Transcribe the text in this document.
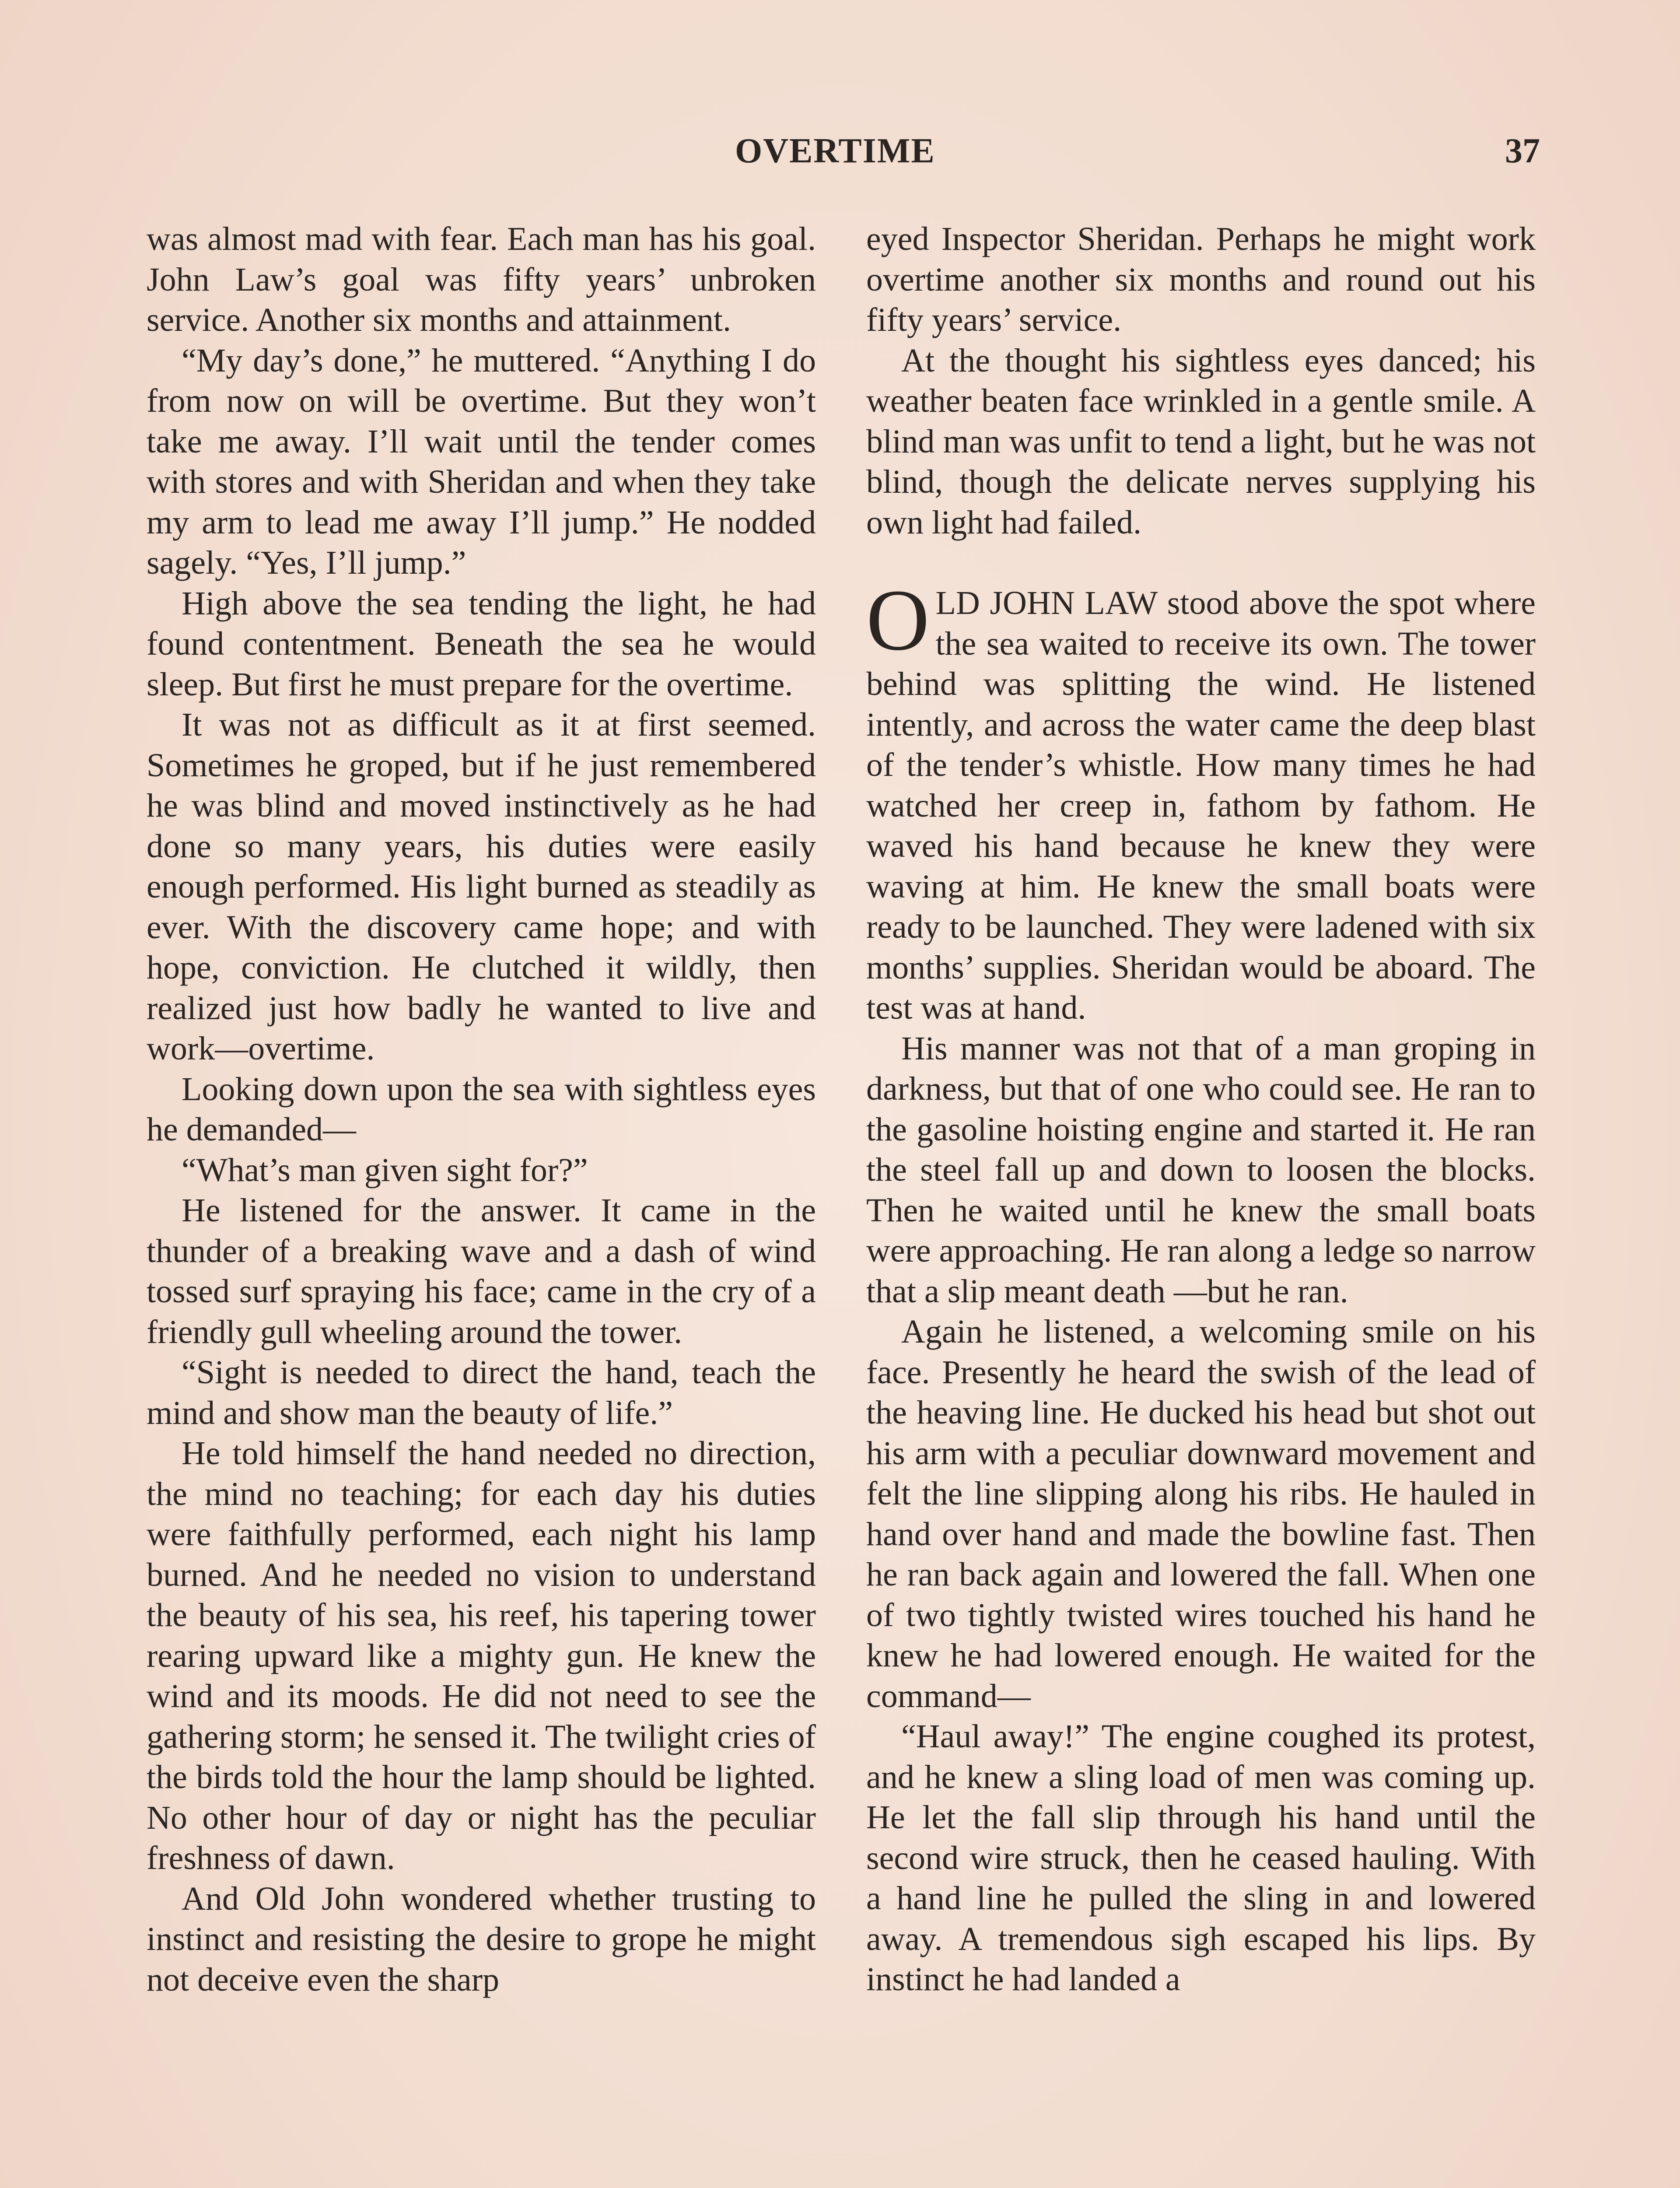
OVERTIME	37

was almost mad with fear. Each man has his goal. John Law’s goal was fifty years’ unbroken service. Another six months and attainment.

“My day’s done,” he muttered. “Anything I do from now on will be overtime. But they won’t take me away. I’ll wait until the tender comes with stores and with Sheridan and when they take my arm to lead me away I’ll jump.” He nodded sagely. “Yes, I’ll jump.”

High above the sea tending the light, he had found contentment. Beneath the sea he would sleep. But first he must prepare for the overtime.

It was not as difficult as it at first seemed. Sometimes he groped, but if he just remembered he was blind and moved instinctively as he had done so many years, his duties were easily enough performed. His light burned as steadily as ever. With the discovery came hope; and with hope, conviction. He clutched it wildly, then realized just how badly he wanted to live and work—overtime.

Looking down upon the sea with sightless eyes he demanded—

“What’s man given sight for?”

He listened for the answer. It came in the thunder of a breaking wave and a dash of wind tossed surf spraying his face; came in the cry of a friendly gull wheeling around the tower.

“Sight is needed to direct the hand, teach the mind and show man the beauty of life.”

He told himself the hand needed no direction, the mind no teaching; for each day his duties were faithfully performed, each night his lamp burned. And he needed no vision to understand the beauty of his sea, his reef, his tapering tower rearing upward like a mighty gun. He knew the wind and its moods. He did not need to see the gathering storm; he sensed it. The twilight cries of the birds told the hour the lamp should be lighted. No other hour of day or night has the peculiar freshness of dawn.

And Old John wondered whether trusting to instinct and resisting the desire to grope he might not deceive even the sharp

eyed Inspector Sheridan. Perhaps he might work overtime another six months and round out his fifty years’ service.

At the thought his sightless eyes danced; his weather beaten face wrinkled in a gentle smile. A blind man was unfit to tend a light, but he was not blind, though the delicate nerves supplying his own light had failed.

OLD JOHN LAW stood above the spot where the sea waited to receive its own. The tower behind was splitting the wind. He listened intently, and across the water came the deep blast of the tender’s whistle. How many times he had watched her creep in, fathom by fathom. He waved his hand because he knew they were waving at him. He knew the small boats were ready to be launched. They were ladened with six months’ supplies. Sheridan would be aboard. The test was at hand.

His manner was not that of a man groping in darkness, but that of one who could see. He ran to the gasoline hoisting engine and started it. He ran the steel fall up and down to loosen the blocks. Then he waited until he knew the small boats were approaching. He ran along a ledge so narrow that a slip meant death —but he ran.

Again he listened, a welcoming smile on his face. Presently he heard the swish of the lead of the heaving line. He ducked his head but shot out his arm with a peculiar downward movement and felt the line slipping along his ribs. He hauled in hand over hand and made the bowline fast. Then he ran back again and lowered the fall. When one of two tightly twisted wires touched his hand he knew he had lowered enough. He waited for the command—

“Haul away!” The engine coughed its protest, and he knew a sling load of men was coming up. He let the fall slip through his hand until the second wire struck, then he ceased hauling. With a hand line he pulled the sling in and lowered away. A tremendous sigh escaped his lips. By instinct he had landed a
